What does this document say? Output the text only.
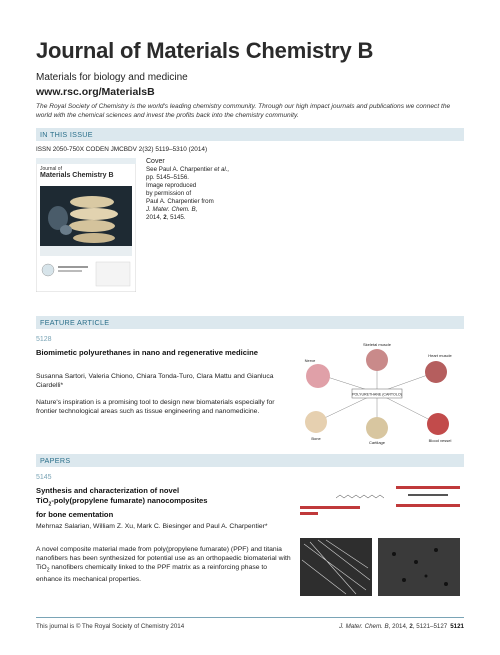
Journal of Materials Chemistry B
Materials for biology and medicine
www.rsc.org/MaterialsB
The Royal Society of Chemistry is the world's leading chemistry community. Through our high impact journals and publications we connect the world with the chemical sciences and invest the profits back into the chemistry community.
IN THIS ISSUE
ISSN 2050-750X CODEN JMCBDV 2(32) 5119–5310 (2014)
Journal of
Materials Chemistry B
Cover
See Paul A. Charpentier et al.,
pp. 5145–5156.
Image reproduced
by permission of
Paul A. Charpentier from
J. Mater. Chem. B,
2014, 2, 5145.
FEATURE ARTICLE
5128
Biomimetic polyurethanes in nano and regenerative medicine
Susanna Sartori, Valeria Chiono, Chiara Tonda-Turo, Clara Mattu and Gianluca Ciardelli*
Nature's inspiration is a promising tool to design new biomaterials especially for frontier technological areas such as tissue engineering and nanomedicine.
POLYURETHANE (CARTOLO)
Skeletal muscle
Nerve
Heart muscle
Bone
Cartilage	Blood vessel
PAPERS
5145
Synthesis and characterization of novel
TiO$_2$-poly(propylene fumarate) nanocomposites
for bone cementation
Mehrnaz Salarian, William Z. Xu, Mark C. Biesinger and Paul A. Charpentier*
A novel composite material made from poly(propylene fumarate) (PPF) and titania nanofibers has been synthesized for potential use as an orthopaedic biomaterial with TiO$_2$ nanofibers chemically linked to the PPF matrix as a reinforcing phase to enhance its mechanical properties.
This journal is © The Royal Society of Chemistry 2014	J. Mater. Chem. B, 2014, 2, 5121–5127 5121
